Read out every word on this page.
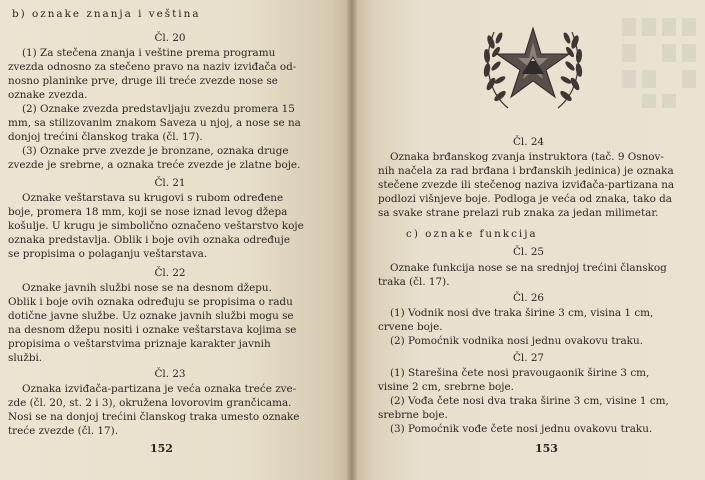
b) oznake znanja i veština
Čl. 20
(1) Za stečena znanja i veštine prema programu
zvezda odnosno za stečeno pravo na naziv izviđača od-
nosno planinke prve, druge ili treće zvezde nose se
oznake zvezda.
(2) Oznake zvezda predstavljaju zvezdu promera 15
mm, sa stilizovanim znakom Saveza u njoj, a nose se na
donjoj trećini članskog traka (čl. 17).
(3) Oznake prve zvezde je bronzane, oznaka druge
zvezde je srebrne, a oznaka treće zvezde je zlatne boje.
Čl. 21
Oznake veštarstava su krugovi s rubom određene
boje, promera 18 mm, koji se nose iznad levog džepa
košulje. U krugu je simbolično označeno veštarstvo koje
oznaka predstavlja. Oblik i boje ovih oznaka određuje
se propisima o polaganju veštarstava.
Čl. 22
Oznake javnih službi nose se na desnom džepu.
Oblik i boje ovih oznaka određuju se propisima o radu
dotične javne službe. Uz oznake javnih službi mogu se
na desnom džepu nositi i oznake veštarstava kojima se
propisima o veštarstvima priznaje karakter javnih
službi.
Čl. 23
Oznaka izviđača-partizana je veća oznaka treće zve-
zde (čl. 20, st. 2 i 3), okružena lovorovim grančicama.
Nosi se na donjoj trećini članskog traka umesto oznake
treće zvezde (čl. 17).
152
Čl. 24
Oznaka brđanskog zvanja instruktora (tač. 9 Osnov-
nih načela za rad brđana i brđanskih jedinica) je oznaka
stečene zvezde ili stečenog naziva izviđača-partizana na
podlozi višnjeve boje. Podloga je veća od znaka, tako da
sa svake strane prelazi rub znaka za jedan milimetar.
c) oznake funkcija
Čl. 25
Oznake funkcija nose se na srednjoj trećini članskog
traka (čl. 17).
Čl. 26
(1) Vodnik nosi dve traka širine 3 cm, visina 1 cm,
crvene boje.
(2) Pomoćnik vodnika nosi jednu ovakovu traku.
Čl. 27
(1) Starešina čete nosi pravougaonik širine 3 cm,
visine 2 cm, srebrne boje.
(2) Vođa čete nosi dva traka širine 3 cm, visine 1 cm,
srebrne boje.
(3) Pomoćnik vođe čete nosi jednu ovakovu traku.
153
